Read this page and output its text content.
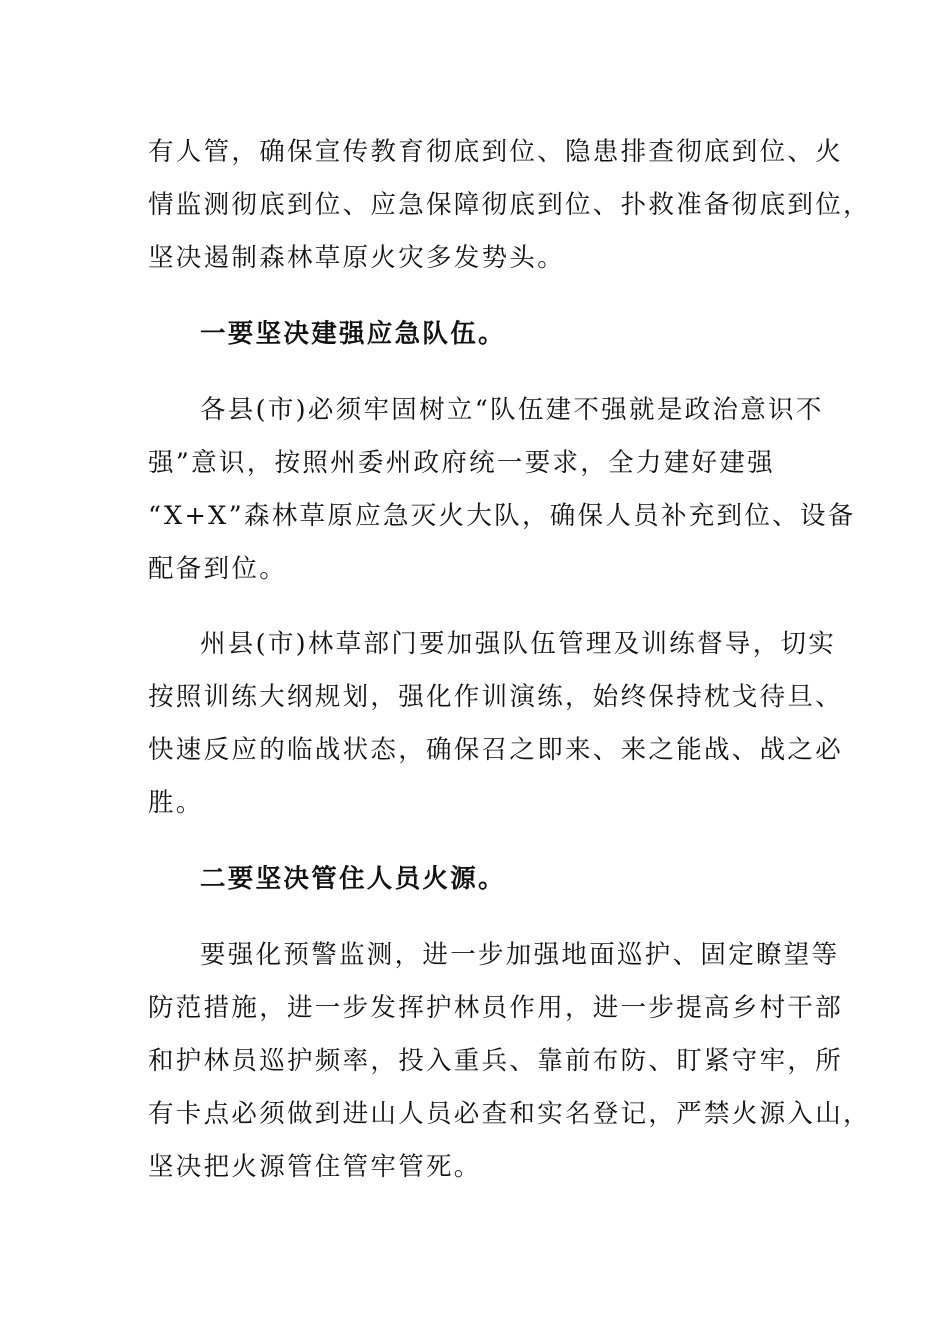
有人管，确保宣传教育彻底到位、隐患排查彻底到位、火
情监测彻底到位、应急保障彻底到位、扑救准备彻底到位，
坚决遏制森林草原火灾多发势头。
一要坚决建强应急队伍。
各县(市)必须牢固树立“队伍建不强就是政治意识不
强”意识，按照州委州政府统一要求，全力建好建强
“X+X”森林草原应急灭火大队，确保人员补充到位、设备
配备到位。
州县(市)林草部门要加强队伍管理及训练督导，切实
按照训练大纲规划，强化作训演练，始终保持枕戈待旦、
快速反应的临战状态，确保召之即来、来之能战、战之必
胜。
二要坚决管住人员火源。
要强化预警监测，进一步加强地面巡护、固定瞭望等
防范措施，进一步发挥护林员作用，进一步提高乡村干部
和护林员巡护频率，投入重兵、靠前布防、盯紧守牢，所
有卡点必须做到进山人员必查和实名登记，严禁火源入山，
坚决把火源管住管牢管死。
